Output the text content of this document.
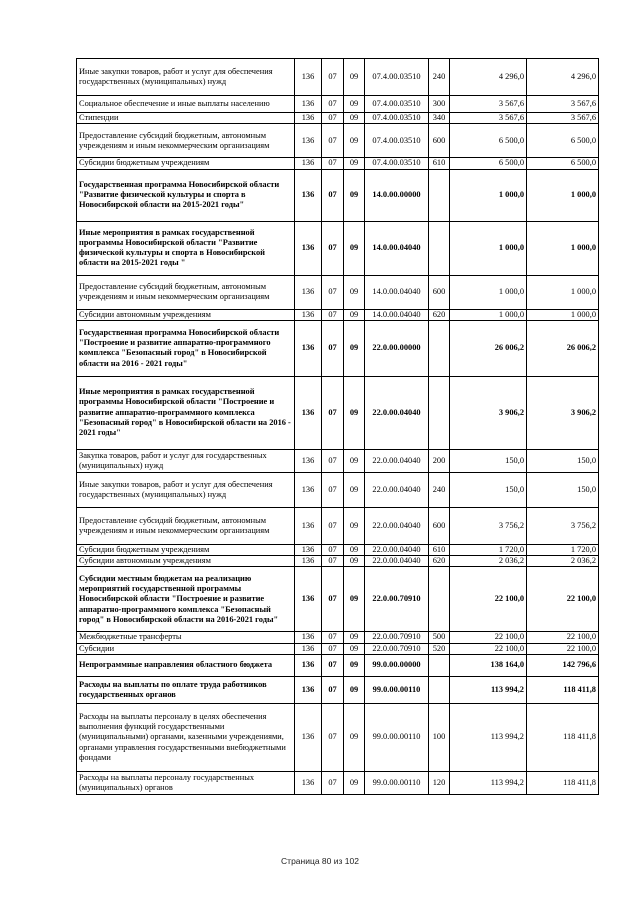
Иные закупки товаров, работ и услуг для обеспечения государственных (муниципальных) нужд	136	07	09	07.4.00.03510	240	4 296,0	4 296,0
Социальное обеспечение и иные выплаты населению	136	07	09	07.4.00.03510	300	3 567,6	3 567,6
Стипендии	136	07	09	07.4.00.03510	340	3 567,6	3 567,6
Предоставление субсидий бюджетным, автономным учреждениям и иным некоммерческим организациям	136	07	09	07.4.00.03510	600	6 500,0	6 500,0
Субсидии бюджетным учреждениям	136	07	09	07.4.00.03510	610	6 500,0	6 500,0
Государственная программа Новосибирской области "Развитие физической культуры и спорта в Новосибирской области на 2015-2021 годы"	136	07	09	14.0.00.00000		1 000,0	1 000,0
Иные мероприятия в рамках государственной программы Новосибирской области "Развитие физической культуры и спорта в Новосибирской области на 2015-2021 годы "	136	07	09	14.0.00.04040		1 000,0	1 000,0
Предоставление субсидий бюджетным, автономным учреждениям и иным некоммерческим организациям	136	07	09	14.0.00.04040	600	1 000,0	1 000,0
Субсидии автономным учреждениям	136	07	09	14.0.00.04040	620	1 000,0	1 000,0
Государственная программа Новосибирской области "Построение и развитие аппаратно-программного комплекса "Безопасный город" в Новосибирской области на 2016 - 2021 годы"	136	07	09	22.0.00.00000		26 006,2	26 006,2
Иные мероприятия в рамках государственной программы Новосибирской области "Построение и развитие аппаратно-программного комплекса "Безопасный город" в Новосибирской области на 2016 - 2021 годы"	136	07	09	22.0.00.04040		3 906,2	3 906,2
Закупка товаров, работ и услуг для государственных (муниципальных) нужд	136	07	09	22.0.00.04040	200	150,0	150,0
Иные закупки товаров, работ и услуг для обеспечения государственных (муниципальных) нужд	136	07	09	22.0.00.04040	240	150,0	150,0
Предоставление субсидий бюджетным, автономным учреждениям и иным некоммерческим организациям	136	07	09	22.0.00.04040	600	3 756,2	3 756,2
Субсидии бюджетным учреждениям	136	07	09	22.0.00.04040	610	1 720,0	1 720,0
Субсидии автономным учреждениям	136	07	09	22.0.00.04040	620	2 036,2	2 036,2
Субсидии местным бюджетам на реализацию мероприятий государственной программы Новосибирской области "Построение и развитие аппаратно-программного комплекса "Безопасный город" в Новосибирской области на 2016-2021 годы"	136	07	09	22.0.00.70910		22 100,0	22 100,0
Межбюджетные трансферты	136	07	09	22.0.00.70910	500	22 100,0	22 100,0
Субсидии	136	07	09	22.0.00.70910	520	22 100,0	22 100,0
Непрограммные направления областного бюджета	136	07	09	99.0.00.00000		138 164,0	142 796,6
Расходы на выплаты по оплате труда работников государственных органов	136	07	09	99.0.00.00110		113 994,2	118 411,8
Расходы на выплаты персоналу в целях обеспечения выполнения функций государственными (муниципальными) органами, казенными учреждениями, органами управления государственными внебюджетными фондами	136	07	09	99.0.00.00110	100	113 994,2	118 411,8
Расходы на выплаты персоналу государственных (муниципальных) органов	136	07	09	99.0.00.00110	120	113 994,2	118 411,8
Страница 80 из 102
